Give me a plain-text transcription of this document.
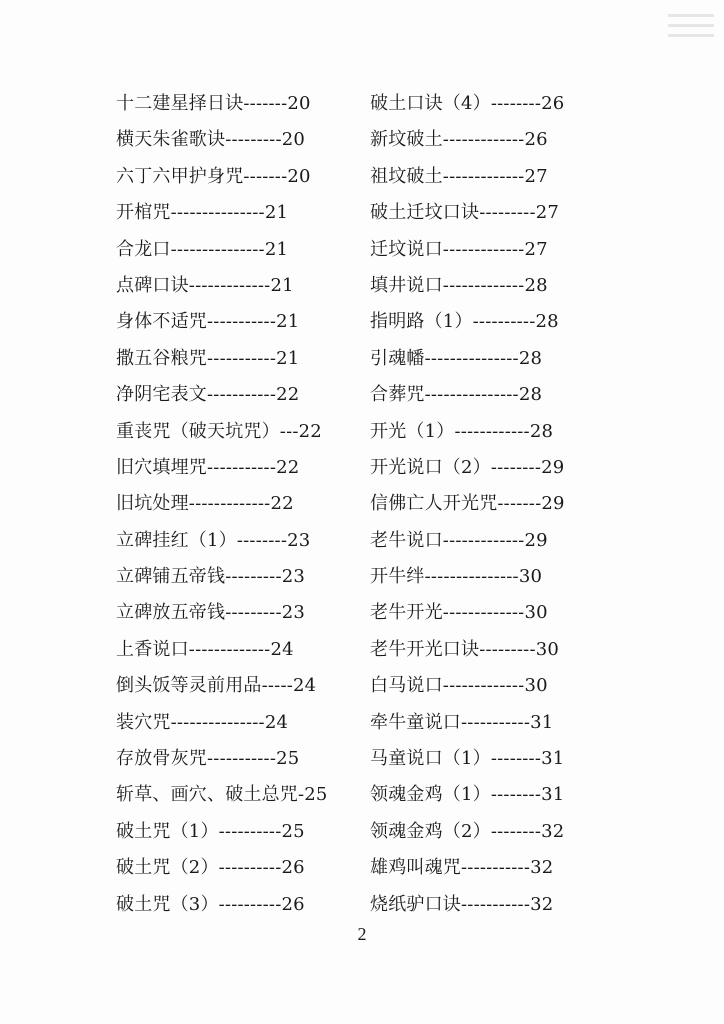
十二建星择日诀-------20
横天朱雀歌诀---------20
六丁六甲护身咒-------20
开棺咒---------------21
合龙口---------------21
点碑口诀-------------21
身体不适咒-----------21
撒五谷粮咒-----------21
净阴宅表文-----------22
重丧咒（破天坑咒）---22
旧穴填埋咒-----------22
旧坑处理-------------22
立碑挂红（1）--------23
立碑铺五帝钱---------23
立碑放五帝钱---------23
上香说口-------------24
倒头饭等灵前用品-----24
装穴咒---------------24
存放骨灰咒-----------25
斩草、画穴、破土总咒-25
破土咒（1）----------25
破土咒（2）----------26
破土咒（3）----------26
破土口诀（4）--------26
新坟破土-------------26
祖坟破土-------------27
破土迁坟口诀---------27
迁坟说口-------------27
填井说口-------------28
指明路（1）----------28
引魂幡---------------28
合葬咒---------------28
开光（1）------------28
开光说口（2）--------29
信佛亡人开光咒-------29
老牛说口-------------29
开牛绊---------------30
老牛开光-------------30
老牛开光口诀---------30
白马说口-------------30
牵牛童说口-----------31
马童说口（1）--------31
领魂金鸡（1）--------31
领魂金鸡（2）--------32
雄鸡叫魂咒-----------32
烧纸驴口诀-----------32
2
